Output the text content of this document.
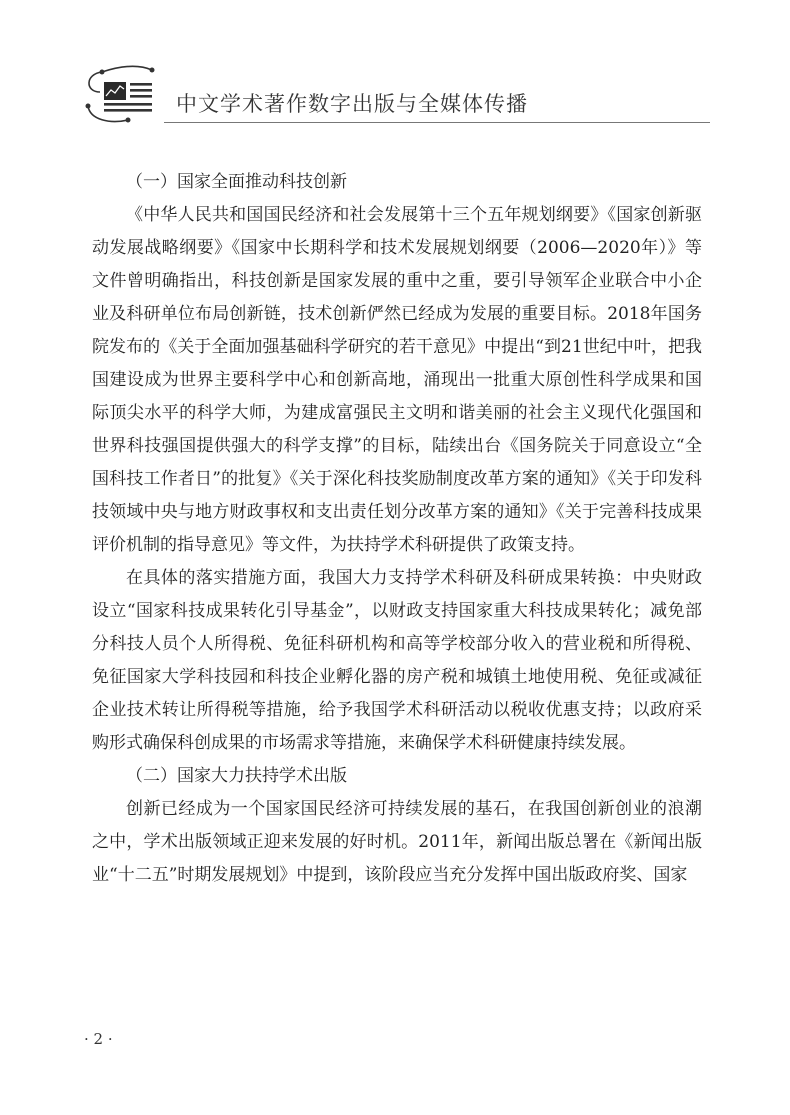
中文学术著作数字出版与全媒体传播
（一）国家全面推动科技创新

《中华人民共和国国民经济和社会发展第十三个五年规划纲要》《国家创新驱动发展战略纲要》《国家中长期科学和技术发展规划纲要（2006—2020年）》等文件曾明确指出，科技创新是国家发展的重中之重，要引导领军企业联合中小企业及科研单位布局创新链，技术创新俨然已经成为发展的重要目标。2018年国务院发布的《关于全面加强基础科学研究的若干意见》中提出“到21世纪中叶，把我国建设成为世界主要科学中心和创新高地，涌现出一批重大原创性科学成果和国际顶尖水平的科学大师，为建成富强民主文明和谐美丽的社会主义现代化强国和世界科技强国提供强大的科学支撑”的目标，陆续出台《国务院关于同意设立“全国科技工作者日”的批复》《关于深化科技奖励制度改革方案的通知》《关于印发科技领域中央与地方财政事权和支出责任划分改革方案的通知》《关于完善科技成果评价机制的指导意见》等文件，为扶持学术科研提供了政策支持。

在具体的落实措施方面，我国大力支持学术科研及科研成果转换：中央财政设立“国家科技成果转化引导基金”，以财政支持国家重大科技成果转化；减免部分科技人员个人所得税、免征科研机构和高等学校部分收入的营业税和所得税、免征国家大学科技园和科技企业孵化器的房产税和城镇土地使用税、免征或减征企业技术转让所得税等措施，给予我国学术科研活动以税收优惠支持；以政府采购形式确保科创成果的市场需求等措施，来确保学术科研健康持续发展。

（二）国家大力扶持学术出版

创新已经成为一个国家国民经济可持续发展的基石，在我国创新创业的浪潮之中，学术出版领域正迎来发展的好时机。2011年，新闻出版总署在《新闻出版业“十二五”时期发展规划》中提到，该阶段应当充分发挥中国出版政府奖、国家

· 2 ·
